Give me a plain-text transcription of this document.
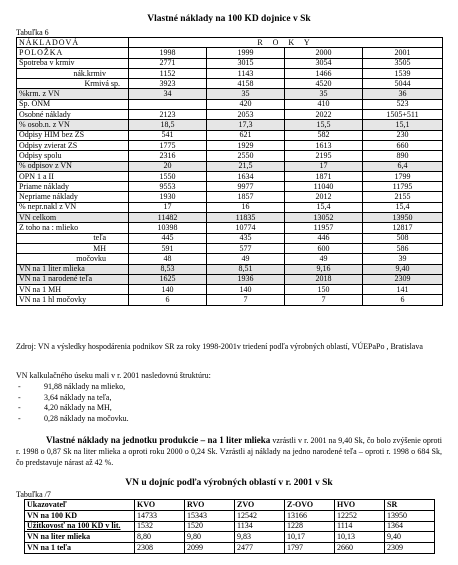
Vlastné náklady na 100 KD dojnice v Sk
Tabuľka 6
NÁKLADOVÁ	R O K Y			
POLOŽKA	1998	1999	2000	2001
Spotreba v krmiv	2771	3015	3054	3505
nák.krmiv	1152	1143	1466	1539
Krmivá sp.	3923	4158	4520	5044
%krm. z VN	34	35	35	36
Sp. ONM		420	410	523
Osobné náklady	2123	2053	2022	1505+511
% osob.n. z VN	18,5	17,3	15,5	15,1
Odpisy HIM bez ZS	541	621	582	230
Odpisy zvierat ZS	1775	1929	1613	660
Odpisy spolu	2316	2550	2195	890
% odpisov z VN	20	21,5	17	6,4
OPN 1 a II	1550	1634	1871	1799
Priame náklady	9553	9977	11040	11795
Nepriame náklady	1930	1857	2012	2155
% nepr.nakl z VN	17	16	15,4	15,4
VN celkom	11482	11835	13052	13950
Z toho na : mlieko	10398	10774	11957	12817
teľa	445	435	446	508
MH	591	577	600	586
močovku	48	49	49	39
VN na 1 liter mlieka	8,53	8,51	9,16	9,40
VN na 1 narodené teľa	1625	1936	2018	2309
VN na 1 MH	140	140	150	141
VN na 1 hl močovky	6	7	7	6
Zdroj: VN a výsledky hospodárenia podnikov SR za roky 1998-2001v triedení podľa výrobných oblastí, VÚEPaPo , Bratislava
VN kalkulačného úseku mali v r. 2001 nasledovnú štruktúru:
- 91,88 náklady na mlieko,
- 3,64 náklady na teľa,
- 4,20 náklady na MH,
- 0,28 náklady na močovku.
Vlastné náklady na jednotku produkcie – na 1 liter mlieka vzrástli v r. 2001 na 9,40 Sk, čo bolo zvýšenie oproti r. 1998 o 0,87 Sk na liter mlieka a oproti roku 2000 o 0,24 Sk. Vzrástli aj náklady na jedno narodené teľa – oproti r. 1998 o 684 Sk, čo predstavuje nárast až 42 %.
VN u dojníc podľa výrobných oblastí v r. 2001 v Sk
Tabuľka /7
Ukazovateľ	KVO	RVO	ZVO	Z-OVO	HVO	SR
VN na 100 KD	14733	15343	12542	13166	12252	13950
Úžitkovosť na 100 KD v lit.	1532	1520	1134	1228	1114	1364
VN na liter mlieka	8,80	9,80	9,83	10,17	10,13	9,40
VN na 1 teľa	2308	2099	2477	1797	2660	2309
